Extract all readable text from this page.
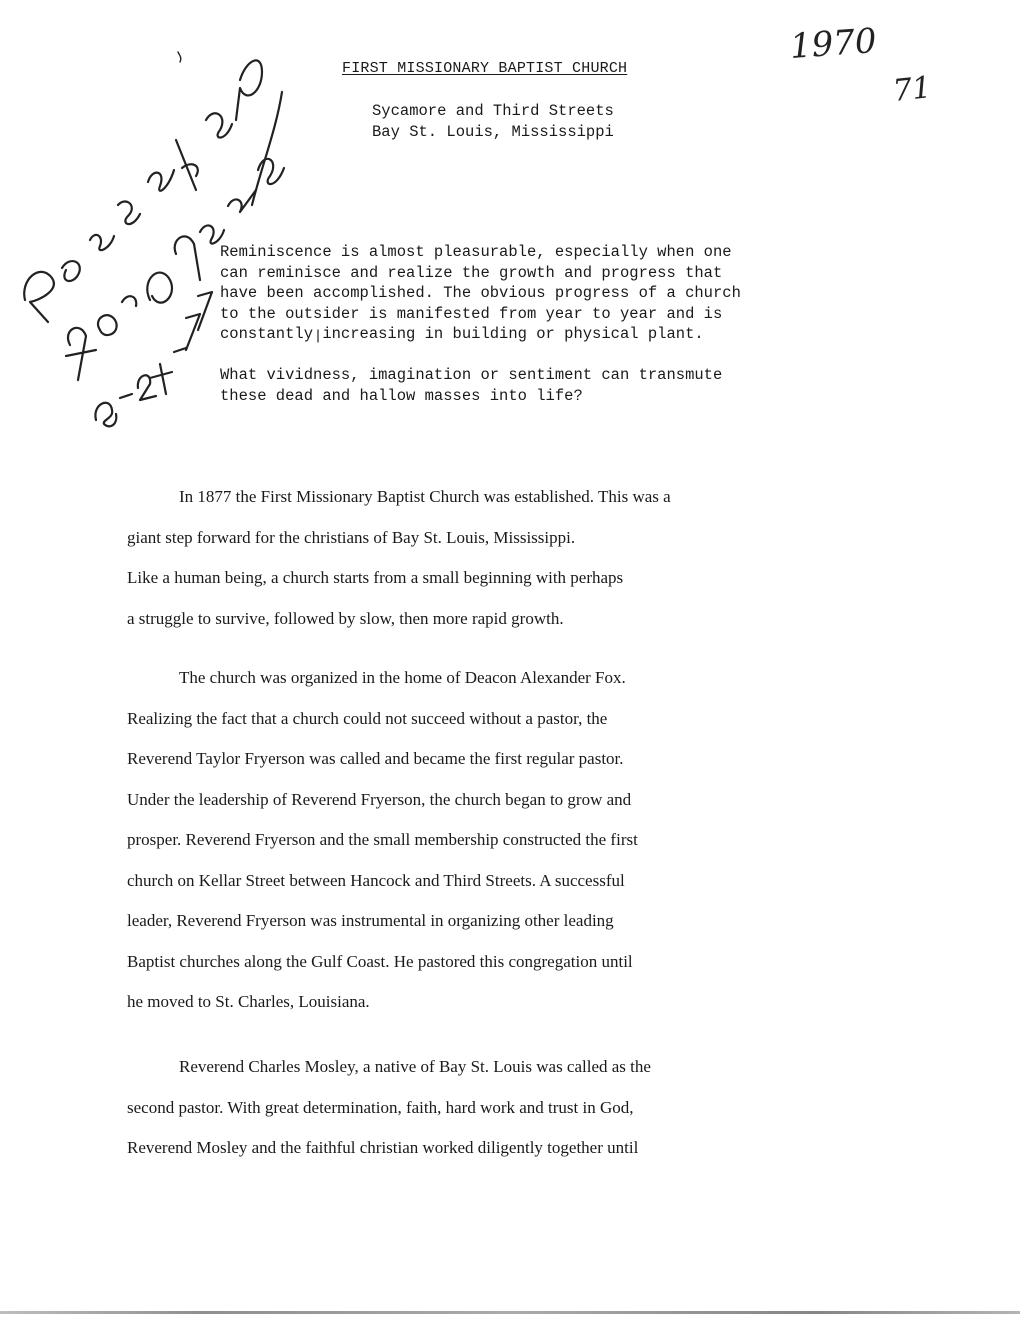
FIRST MISSIONARY BAPTIST CHURCH
Sycamore and Third Streets
Bay St. Louis, Mississippi
1970
71
Reminiscence is almost pleasurable, especially when one
can reminisce and realize the growth and progress that
have been accomplished. The obvious progress of a church
to the outsider is manifested from year to year and is
constantly increasing in building or physical plant.
What vividness, imagination or sentiment can transmute
these dead and hallow masses into life?
In 1877 the First Missionary Baptist Church was established. This was a
giant step forward for the christians of Bay St. Louis, Mississippi.
Like a human being, a church starts from a small beginning with perhaps
a struggle to survive, followed by slow, then more rapid growth.
The church was organized in the home of Deacon Alexander Fox.
Realizing the fact that a church could not succeed without a pastor, the
Reverend Taylor Fryerson was called and became the first regular pastor.
Under the leadership of Reverend Fryerson, the church began to grow and
prosper. Reverend Fryerson and the small membership constructed the first
church on Kellar Street between Hancock and Third Streets. A successful
leader, Reverend Fryerson was instrumental in organizing other leading
Baptist churches along the Gulf Coast. He pastored this congregation until
he moved to St. Charles, Louisiana.
Reverend Charles Mosley, a native of Bay St. Louis was called as the
second pastor. With great determination, faith, hard work and trust in God,
Reverend Mosley and the faithful christian worked diligently together until
